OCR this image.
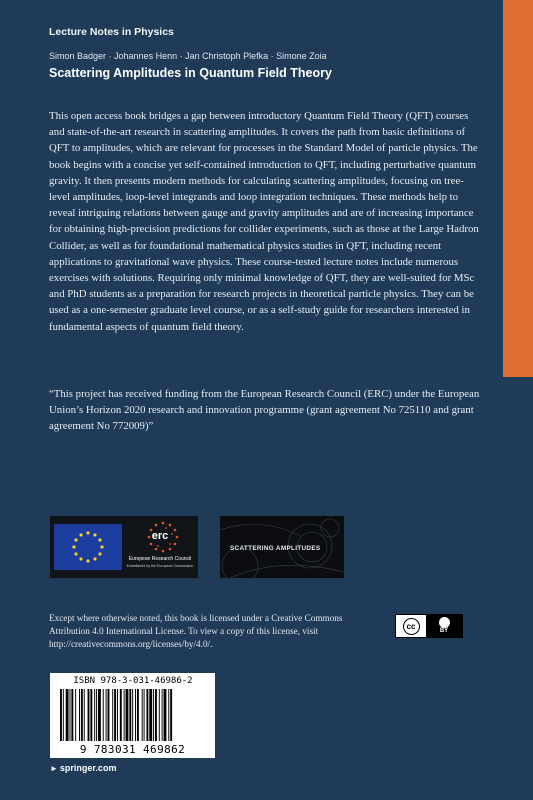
Lecture Notes in Physics
Simon Badger · Johannes Henn · Jan Christoph Plefka · Simone Zoia
Scattering Amplitudes in Quantum Field Theory

This open access book bridges a gap between introductory Quantum Field Theory (QFT) courses and state-of-the-art research in scattering amplitudes. It covers the path from basic definitions of QFT to amplitudes, which are relevant for processes in the Standard Model of particle physics. The book begins with a concise yet self-contained introduction to QFT, including perturbative quantum gravity. It then presents modern methods for calculating scattering amplitudes, focusing on tree-level amplitudes, loop-level integrands and loop integration techniques. These methods help to reveal intriguing relations between gauge and gravity amplitudes and are of increasing importance for obtaining high-precision predictions for collider experiments, such as those at the Large Hadron Collider, as well as for foundational mathematical physics studies in QFT, including recent applications to gravitational wave physics. These course-tested lecture notes include numerous exercises with solutions. Requiring only minimal knowledge of QFT, they are well-suited for MSc and PhD students as a preparation for research projects in theoretical particle physics. They can be used as a one-semester graduate level course, or as a self-study guide for researchers interested in fundamental aspects of quantum field theory.

“This project has received funding from the European Research Council (ERC) under the European Union’s Horizon 2020 research and innovation programme (grant agreement No 725110 and grant agreement No 772009)”

erc
European Research Council
Established by the European Commission
SCATTERING AMPLITUDES

Except where otherwise noted, this book is licensed under a Creative Commons Attribution 4.0 International License. To view a copy of this license, visit http://creativecommons.org/licenses/by/4.0/.

cc
BY
ISBN 978-3-031-46986-2
9 783031 469862
► springer.com
